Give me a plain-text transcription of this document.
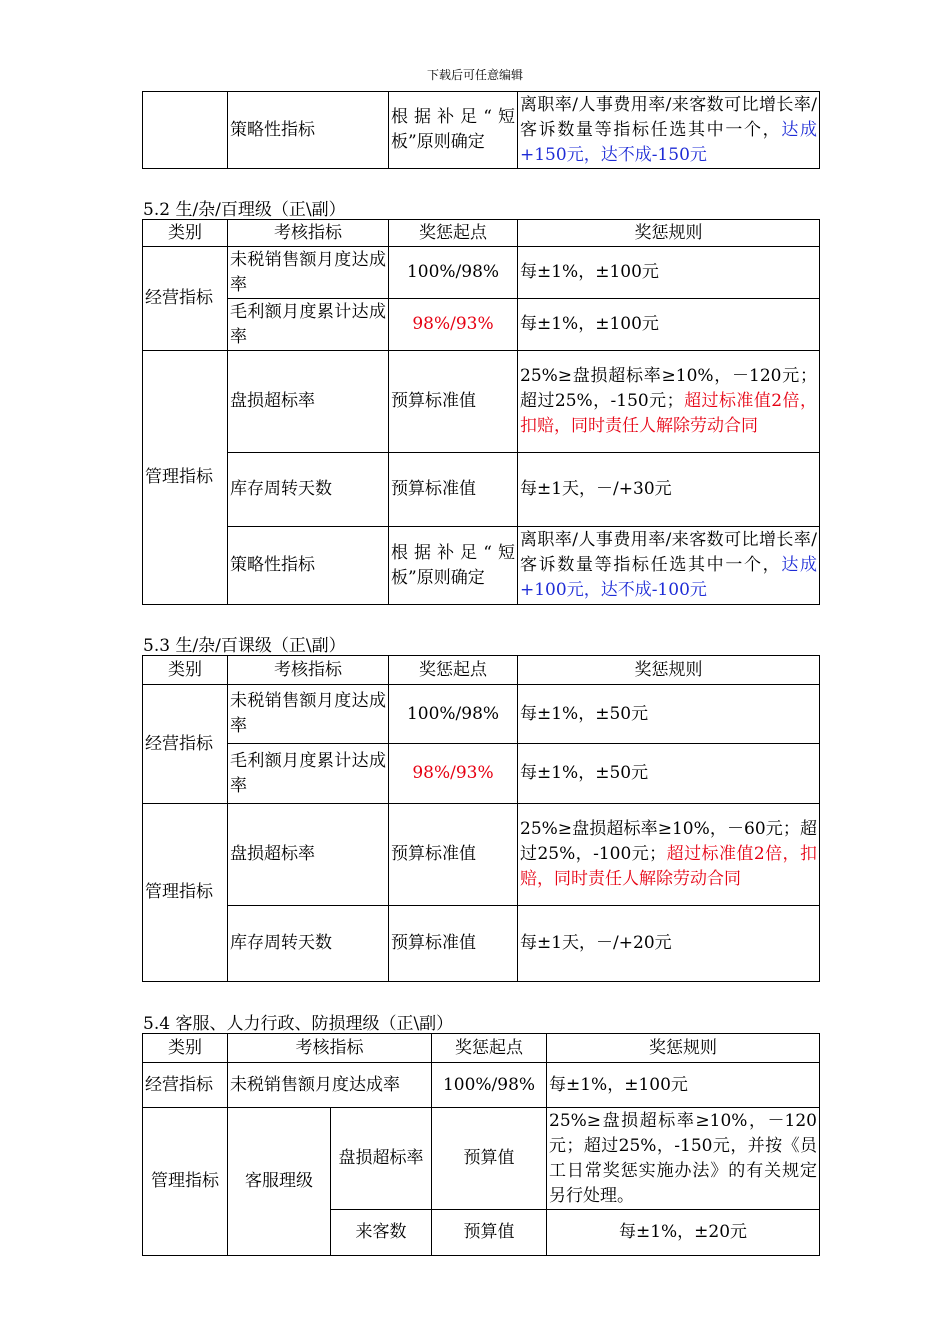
下载后可任意编辑
	策略性指标	根据补足“短板”原则确定	离职率/人事费用率/来客数可比增长率/客诉数量等指标任选其中一个，达成+150元，达不成-150元
5.2 生/杂/百理级（正\副）
类别	考核指标	奖惩起点	奖惩规则
经营指标	未税销售额月度达成率	100%/98%	每±1%，±100元
	毛利额月度累计达成率	98%/93%	每±1%，±100元
管理指标	盘损超标率	预算标准值	25%≥盘损超标率≥10%，－120元；超过25%，-150元；超过标准值2倍，扣赔，同时责任人解除劳动合同
	库存周转天数	预算标准值	每±1天，－/+30元
	策略性指标	根据补足“短板”原则确定	离职率/人事费用率/来客数可比增长率/客诉数量等指标任选其中一个，达成+100元，达不成-100元
5.3 生/杂/百课级（正\副）
类别	考核指标	奖惩起点	奖惩规则
经营指标	未税销售额月度达成率	100%/98%	每±1%，±50元
	毛利额月度累计达成率	98%/93%	每±1%，±50元
管理指标	盘损超标率	预算标准值	25%≥盘损超标率≥10%，－60元；超过25%，-100元；超过标准值2倍，扣赔，同时责任人解除劳动合同
	库存周转天数	预算标准值	每±1天，－/+20元
5.4 客服、人力行政、防损理级（正\副）
类别	考核指标		奖惩起点	奖惩规则
经营指标	未税销售额月度达成率		100%/98%	每±1%，±100元
管理指标	客服理级	盘损超标率	预算值	25%≥盘损超标率≥10%，－120元；超过25%，-150元，并按《员工日常奖惩实施办法》的有关规定另行处理。
		来客数	预算值	每±1%，±20元
